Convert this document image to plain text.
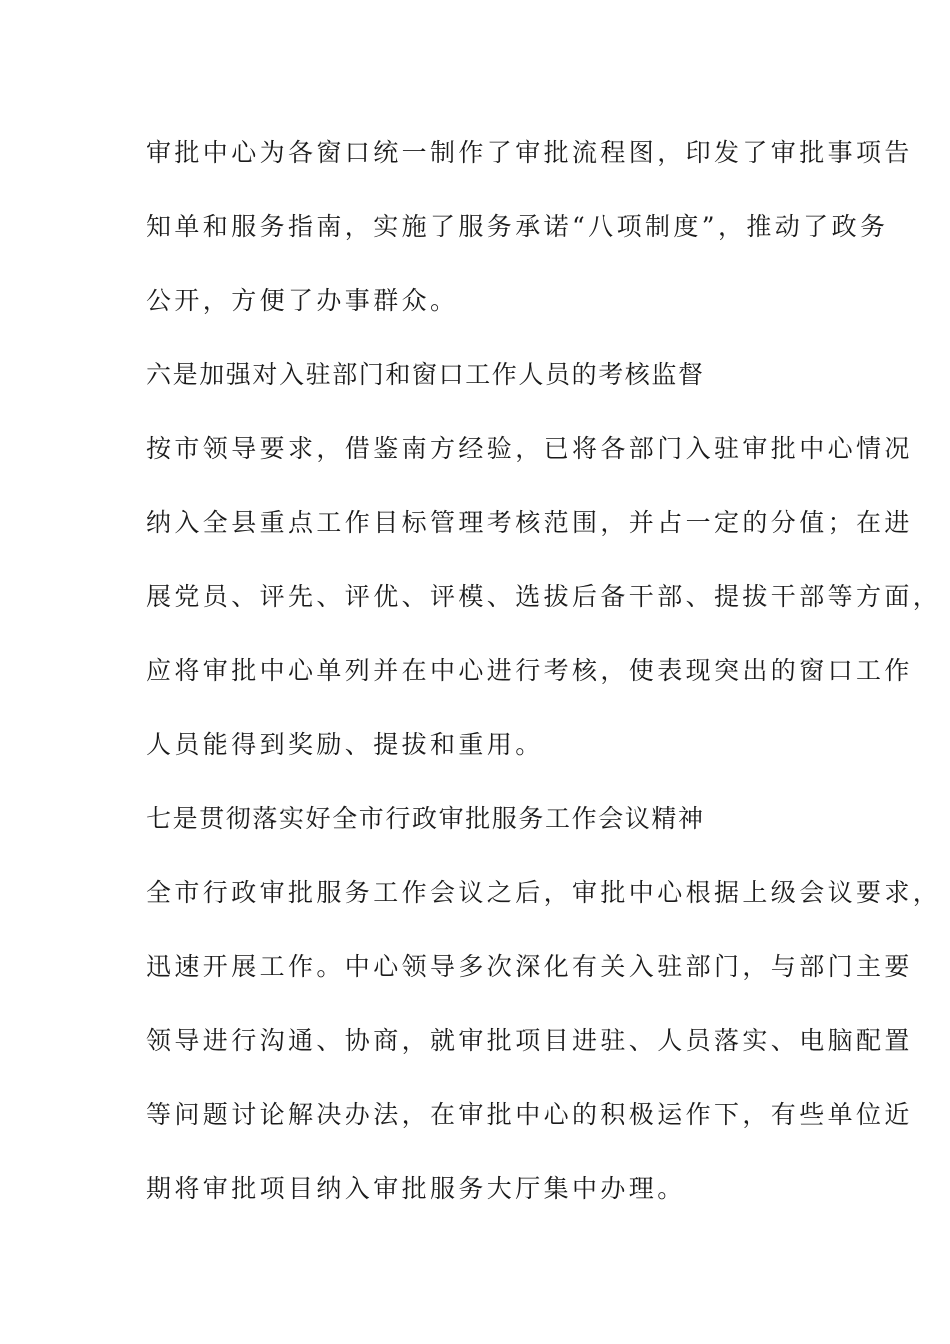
审批中心为各窗口统一制作了审批流程图，印发了审批事项告
知单和服务指南，实施了服务承诺“八项制度”，推动了政务
公开，方便了办事群众。
六是加强对入驻部门和窗口工作人员的考核监督
按市领导要求，借鉴南方经验，已将各部门入驻审批中心情况
纳入全县重点工作目标管理考核范围，并占一定的分值；在进
展党员、评先、评优、评模、选拔后备干部、提拔干部等方面，
应将审批中心单列并在中心进行考核，使表现突出的窗口工作
人员能得到奖励、提拔和重用。
七是贯彻落实好全市行政审批服务工作会议精神
全市行政审批服务工作会议之后，审批中心根据上级会议要求，
迅速开展工作。中心领导多次深化有关入驻部门，与部门主要
领导进行沟通、协商，就审批项目进驻、人员落实、电脑配置
等问题讨论解决办法，在审批中心的积极运作下，有些单位近
期将审批项目纳入审批服务大厅集中办理。
